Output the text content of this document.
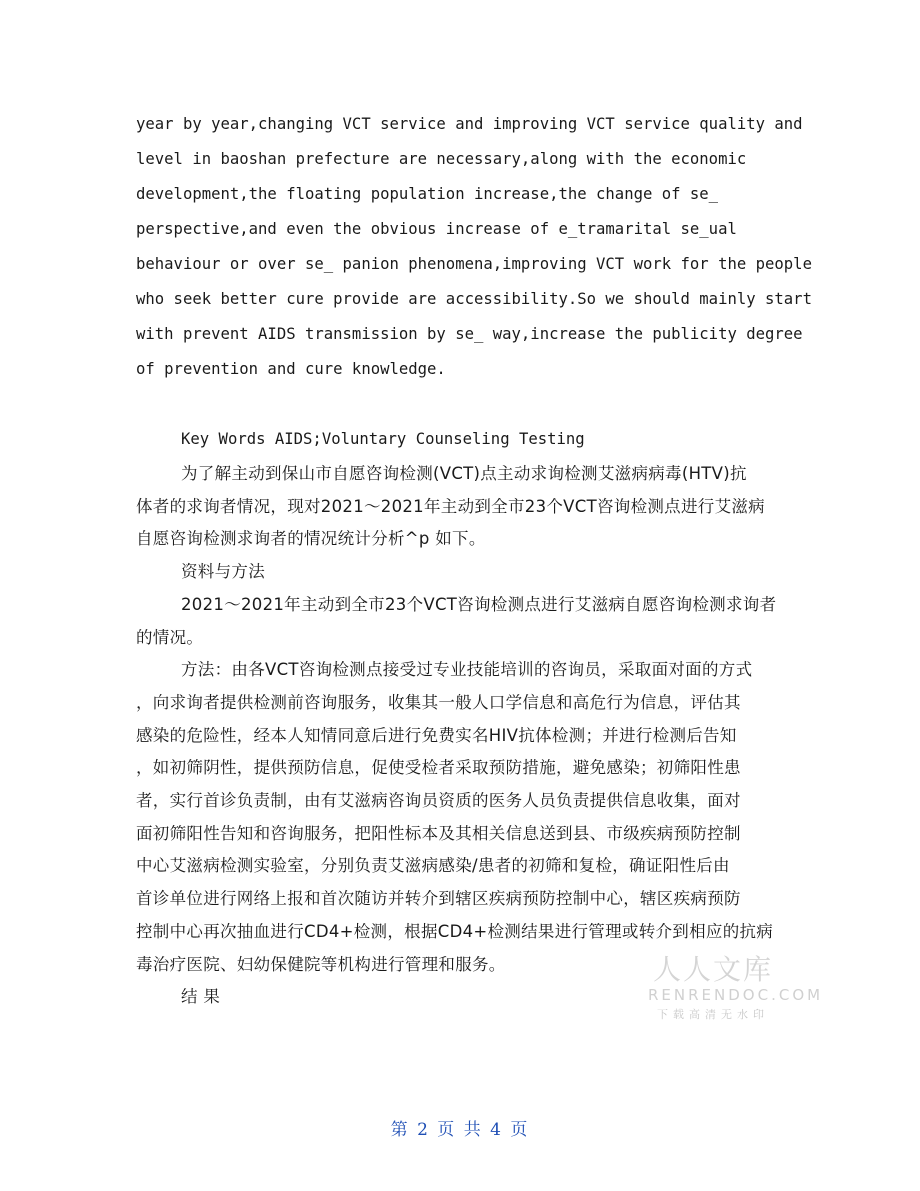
year by year,changing VCT service and improving VCT service quality and
level in baoshan prefecture are necessary,along with the economic
development,the floating population increase,the change of se_
perspective,and even the obvious increase of e_tramarital se_ual
behaviour or over se_ panion phenomena,improving VCT work for the people
who seek better cure provide are accessibility.So we should mainly start
with prevent AIDS transmission by se_ way,increase the publicity degree
of prevention and cure knowledge.
Key Words AIDS;Voluntary Counseling Testing
为了解主动到保山市自愿咨询检测(VCT)点主动求询检测艾滋病病毒(HTV)抗
体者的求询者情况，现对2021～2021年主动到全市23个VCT咨询检测点进行艾滋病
自愿咨询检测求询者的情况统计分析^p 如下。
资料与方法
2021～2021年主动到全市23个VCT咨询检测点进行艾滋病自愿咨询检测求询者
的情况。
方法：由各VCT咨询检测点接受过专业技能培训的咨询员，采取面对面的方式
，向求询者提供检测前咨询服务，收集其一般人口学信息和高危行为信息，评估其
感染的危险性，经本人知情同意后进行免费实名HIV抗体检测；并进行检测后告知
，如初筛阴性，提供预防信息，促使受检者采取预防措施，避免感染；初筛阳性患
者，实行首诊负责制，由有艾滋病咨询员资质的医务人员负责提供信息收集，面对
面初筛阳性告知和咨询服务，把阳性标本及其相关信息送到县、市级疾病预防控制
中心艾滋病检测实验室，分别负责艾滋病感染/患者的初筛和复检，确证阳性后由
首诊单位进行网络上报和首次随访并转介到辖区疾病预防控制中心，辖区疾病预防
控制中心再次抽血进行CD4+检测，根据CD4+检测结果进行管理或转介到相应的抗病
毒治疗医院、妇幼保健院等机构进行管理和服务。
结 果
人人文库
RENRENDOC.COM
下载高清无水印
第 2 页 共 4 页
